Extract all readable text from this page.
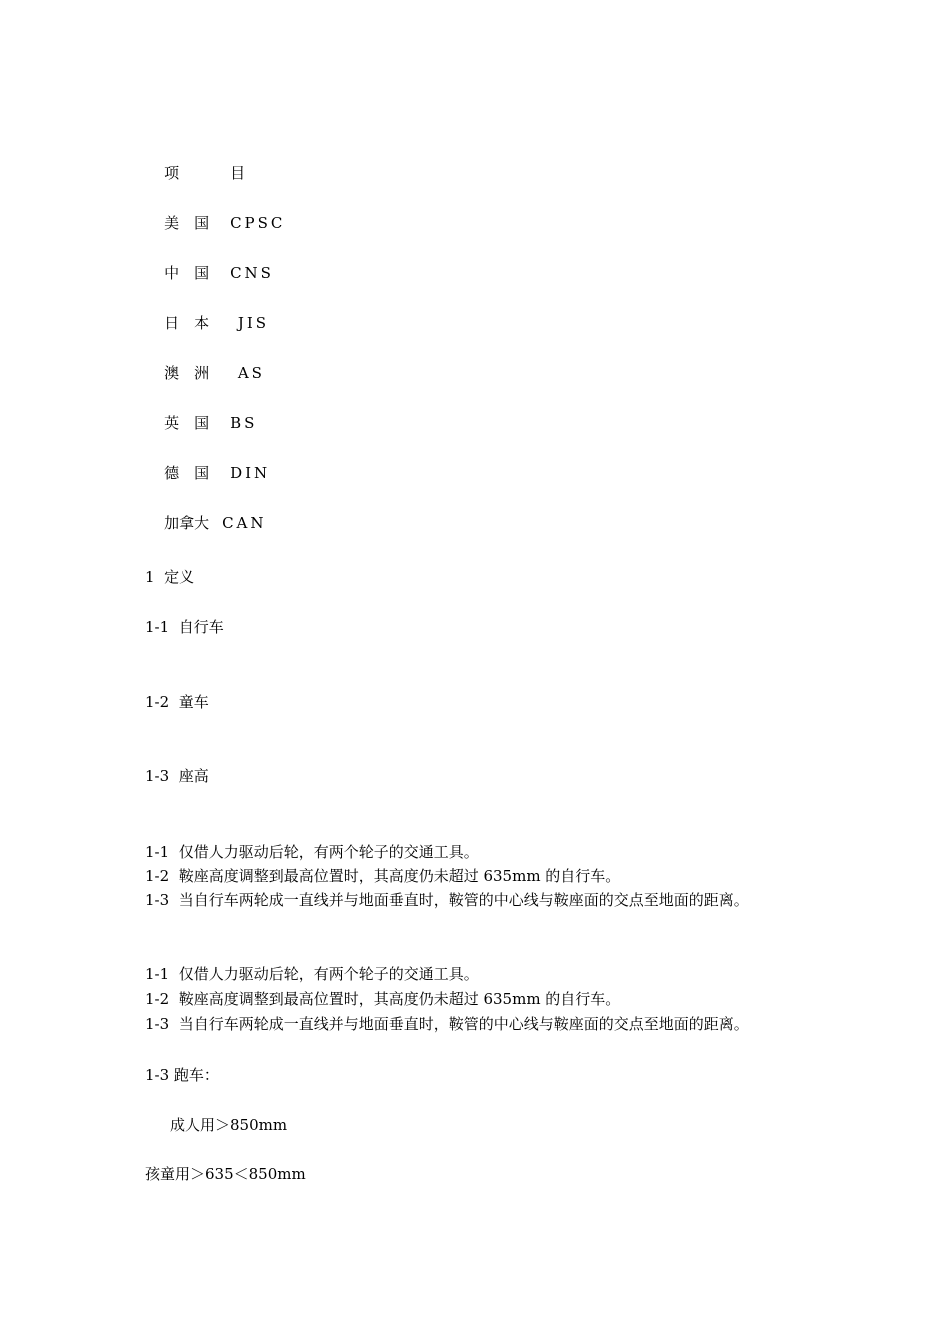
项　　　 目

美　国 CPSC

中　国 CNS

日　本 JIS

澳　洲 AS

英　国 BS

德　国 DIN

加拿大 CAN

1  定义
1-1  自行车
1-2  童车
1-3  座高
1-1  仅借人力驱动后轮，有两个轮子的交通工具。
1-2  鞍座高度调整到最高位置时，其高度仍未超过 635mm 的自行车。
1-3  当自行车两轮成一直线并与地面垂直时，鞍管的中心线与鞍座面的交点至地面的距离。
1-1  仅借人力驱动后轮，有两个轮子的交通工具。
1-2  鞍座高度调整到最高位置时，其高度仍未超过 635mm 的自行车。
1-3  当自行车两轮成一直线并与地面垂直时，鞍管的中心线与鞍座面的交点至地面的距离。
1-3 跑车：
成人用＞850mm
孩童用＞635＜850mm
